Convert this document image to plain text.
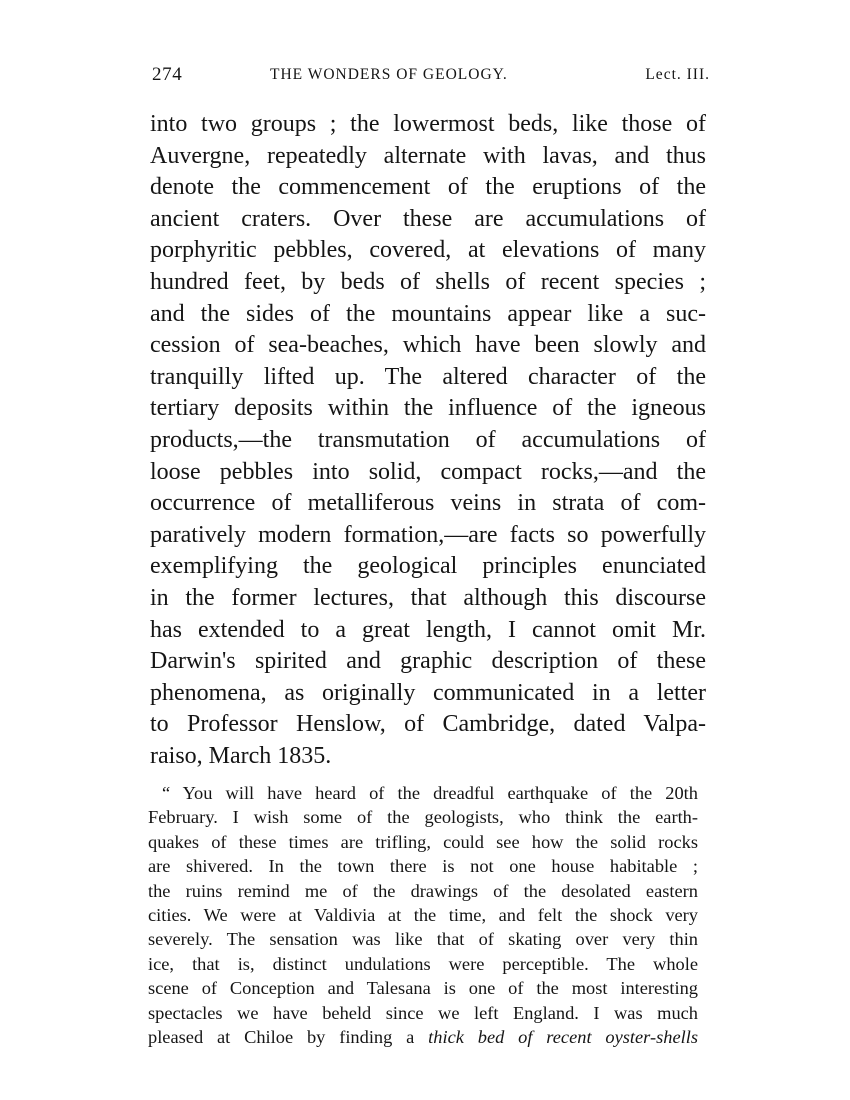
274	THE WONDERS OF GEOLOGY.	Lect. III.
into two groups ; the lowermost beds, like those of
Auvergne, repeatedly alternate with lavas, and thus
denote the commencement of the eruptions of the
ancient craters. Over these are accumulations of
porphyritic pebbles, covered, at elevations of many
hundred feet, by beds of shells of recent species ;
and the sides of the mountains appear like a suc-
cession of sea-beaches, which have been slowly and
tranquilly lifted up. The altered character of the
tertiary deposits within the influence of the igneous
products,—the transmutation of accumulations of
loose pebbles into solid, compact rocks,—and the
occurrence of metalliferous veins in strata of com-
paratively modern formation,—are facts so powerfully
exemplifying the geological principles enunciated
in the former lectures, that although this discourse
has extended to a great length, I cannot omit Mr.
Darwin's spirited and graphic description of these
phenomena, as originally communicated in a letter
to Professor Henslow, of Cambridge, dated Valpa-
raiso, March 1835.
“ You will have heard of the dreadful earthquake of the 20th
February. I wish some of the geologists, who think the earth-
quakes of these times are trifling, could see how the solid rocks
are shivered. In the town there is not one house habitable ;
the ruins remind me of the drawings of the desolated eastern
cities. We were at Valdivia at the time, and felt the shock very
severely. The sensation was like that of skating over very thin
ice, that is, distinct undulations were perceptible. The whole
scene of Conception and Talesana is one of the most interesting
spectacles we have beheld since we left England. I was much
pleased at Chiloe by finding a thick bed of recent oyster-shells
